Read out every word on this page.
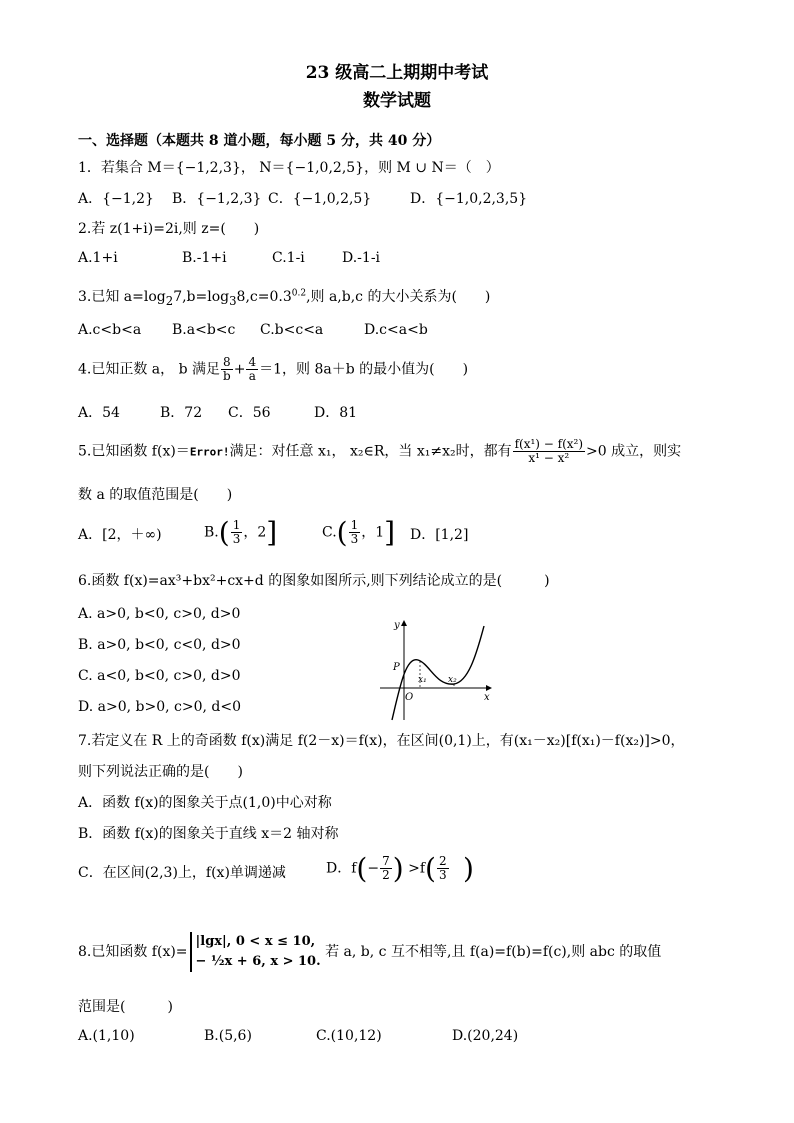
23 级高二上期期中考试
数学试题
一、选择题（本题共 8 道小题，每小题 5 分，共 40 分）
1．若集合 M＝{−1,2,3}， N＝{−1,0,2,5}，则 M ∪ N＝（　）
A．{−1,2} B．{−1,2,3} C．{−1,0,2,5}	D．{−1,0,2,3,5}
2.若 z(1+i)=2i,则 z=(　　)
A.1+i	B.-1+i	C.1-i	D.-1-i
3.已知 $a=\log_27,b=\log_38,c=0.3^{0.2}$,则 a,b,c 的大小关系为(　　)
A.c<b<a B.a<b<c C.b<c<a	D.c<a<b
4.已知正数 a， b 满足 $\frac{8}{b} + \frac{4}{a} =1$，则 8a＋b 的最小值为(　　)
A．54	B．72 C．56	D．81
5.已知函数 f(x)＝Error!满足：对任意 x₁， x₂∈R，当 x₁≠x₂时，都有 $\frac{\text{f(x¹) − f(x²)}}{\text{x¹ − x²}} >0$ 成立，则实
数 a 的取值范围是(　　)
A．[2，＋∞)	$B.( \frac{1}{3}$ ，2]	$C.( \frac{1}{3}$ ，1] D．[1,2]
6.函数 f(x)=ax³+bx²+cx+d 的图象如图所示,则下列结论成立的是(　　　)
A. a>0, b<0, c>0, d>0
B. a>0, b<0, c<0, d>0
C. a<0, b<0, c>0, d>0
D. a>0, b>0, c>0, d<0
y
x
P
O
x₁ x₂
7.若定义在 R 上的奇函数 f(x)满足 f(2－x)＝f(x)，在区间(0,1)上，有(x₁－x₂)[f(x₁)－f(x₂)]>0，
则下列说法正确的是(　　)
A．函数 f(x)的图象关于点(1,0)中心对称
B．函数 f(x)的图象关于直线 x＝2 轴对称
C．在区间(2,3)上，f(x)单调递减	D．$f(- \frac{7}{2}$ ) $>f( \frac{2}{3}$ )
8.已知函数 f(x)=
|lgx|, 0 < x ≤ 10,
− ½x + 6, x > 10.
若 a, b, c 互不相等,且 f(a)=f(b)=f(c),则 abc 的取值
范围是(　　　)
A.(1,10)	B.(5,6)	C.(10,12)	D.(20,24)
